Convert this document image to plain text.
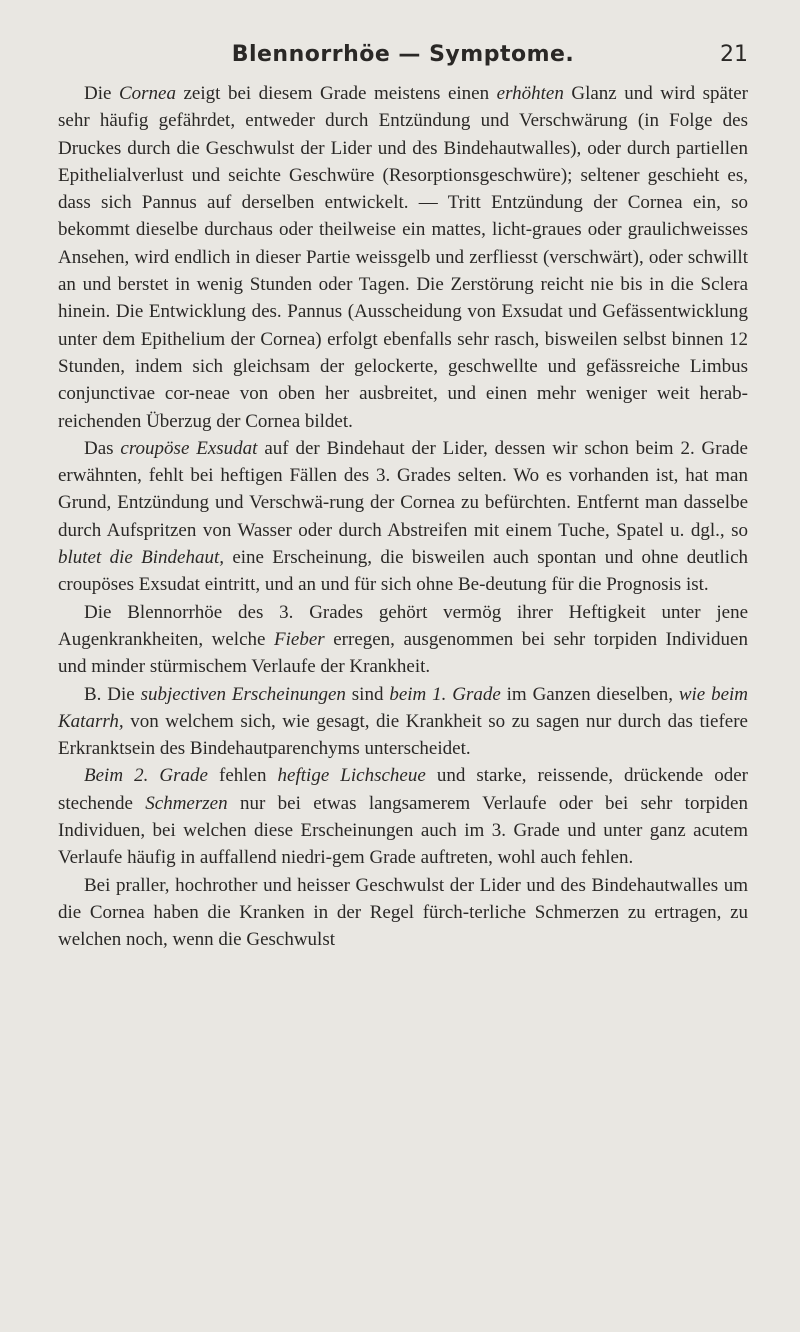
Blennorrhöe — Symptome.	21

Die Cornea zeigt bei diesem Grade meistens einen erhöhten Glanz und wird später sehr häufig gefährdet, entweder durch Entzündung und Verschwärung (in Folge des Druckes durch die Geschwulst der Lider und des Bindehautwalles), oder durch partiellen Epithelialverlust und seichte Geschwüre (Resorptionsgeschwüre); seltener geschieht es, dass sich Pannus auf derselben entwickelt. — Tritt Entzündung der Cornea ein, so bekommt dieselbe durchaus oder theilweise ein mattes, licht-graues oder graulichweisses Ansehen, wird endlich in dieser Partie weissgelb und zerfliesst (verschwärt), oder schwillt an und berstet in wenig Stunden oder Tagen. Die Zerstörung reicht nie bis in die Sclera hinein. Die Entwicklung des. Pannus (Ausscheidung von Exsudat und Gefässentwicklung unter dem Epithelium der Cornea) erfolgt ebenfalls sehr rasch, bisweilen selbst binnen 12 Stunden, indem sich gleichsam der gelockerte, geschwellte und gefässreiche Limbus conjunctivae cor-neae von oben her ausbreitet, und einen mehr weniger weit herab-reichenden Überzug der Cornea bildet.

Das croupöse Exsudat auf der Bindehaut der Lider, dessen wir schon beim 2. Grade erwähnten, fehlt bei heftigen Fällen des 3. Grades selten. Wo es vorhanden ist, hat man Grund, Entzündung und Verschwä-rung der Cornea zu befürchten. Entfernt man dasselbe durch Aufspritzen von Wasser oder durch Abstreifen mit einem Tuche, Spatel u. dgl., so blutet die Bindehaut, eine Erscheinung, die bisweilen auch spontan und ohne deutlich croupöses Exsudat eintritt, und an und für sich ohne Be-deutung für die Prognosis ist.

Die Blennorrhöe des 3. Grades gehört vermög ihrer Heftigkeit unter jene Augenkrankheiten, welche Fieber erregen, ausgenommen bei sehr torpiden Individuen und minder stürmischem Verlaufe der Krankheit.

B. Die subjectiven Erscheinungen sind beim 1. Grade im Ganzen dieselben, wie beim Katarrh, von welchem sich, wie gesagt, die Krankheit so zu sagen nur durch das tiefere Erkranktsein des Bindehautparenchyms unterscheidet.

Beim 2. Grade fehlen heftige Lichscheue und starke, reissende, drückende oder stechende Schmerzen nur bei etwas langsamerem Verlaufe oder bei sehr torpiden Individuen, bei welchen diese Erscheinungen auch im 3. Grade und unter ganz acutem Verlaufe häufig in auffallend niedri-gem Grade auftreten, wohl auch fehlen.

Bei praller, hochrother und heisser Geschwulst der Lider und des Bindehautwalles um die Cornea haben die Kranken in der Regel fürch-terliche Schmerzen zu ertragen, zu welchen noch, wenn die Geschwulst
